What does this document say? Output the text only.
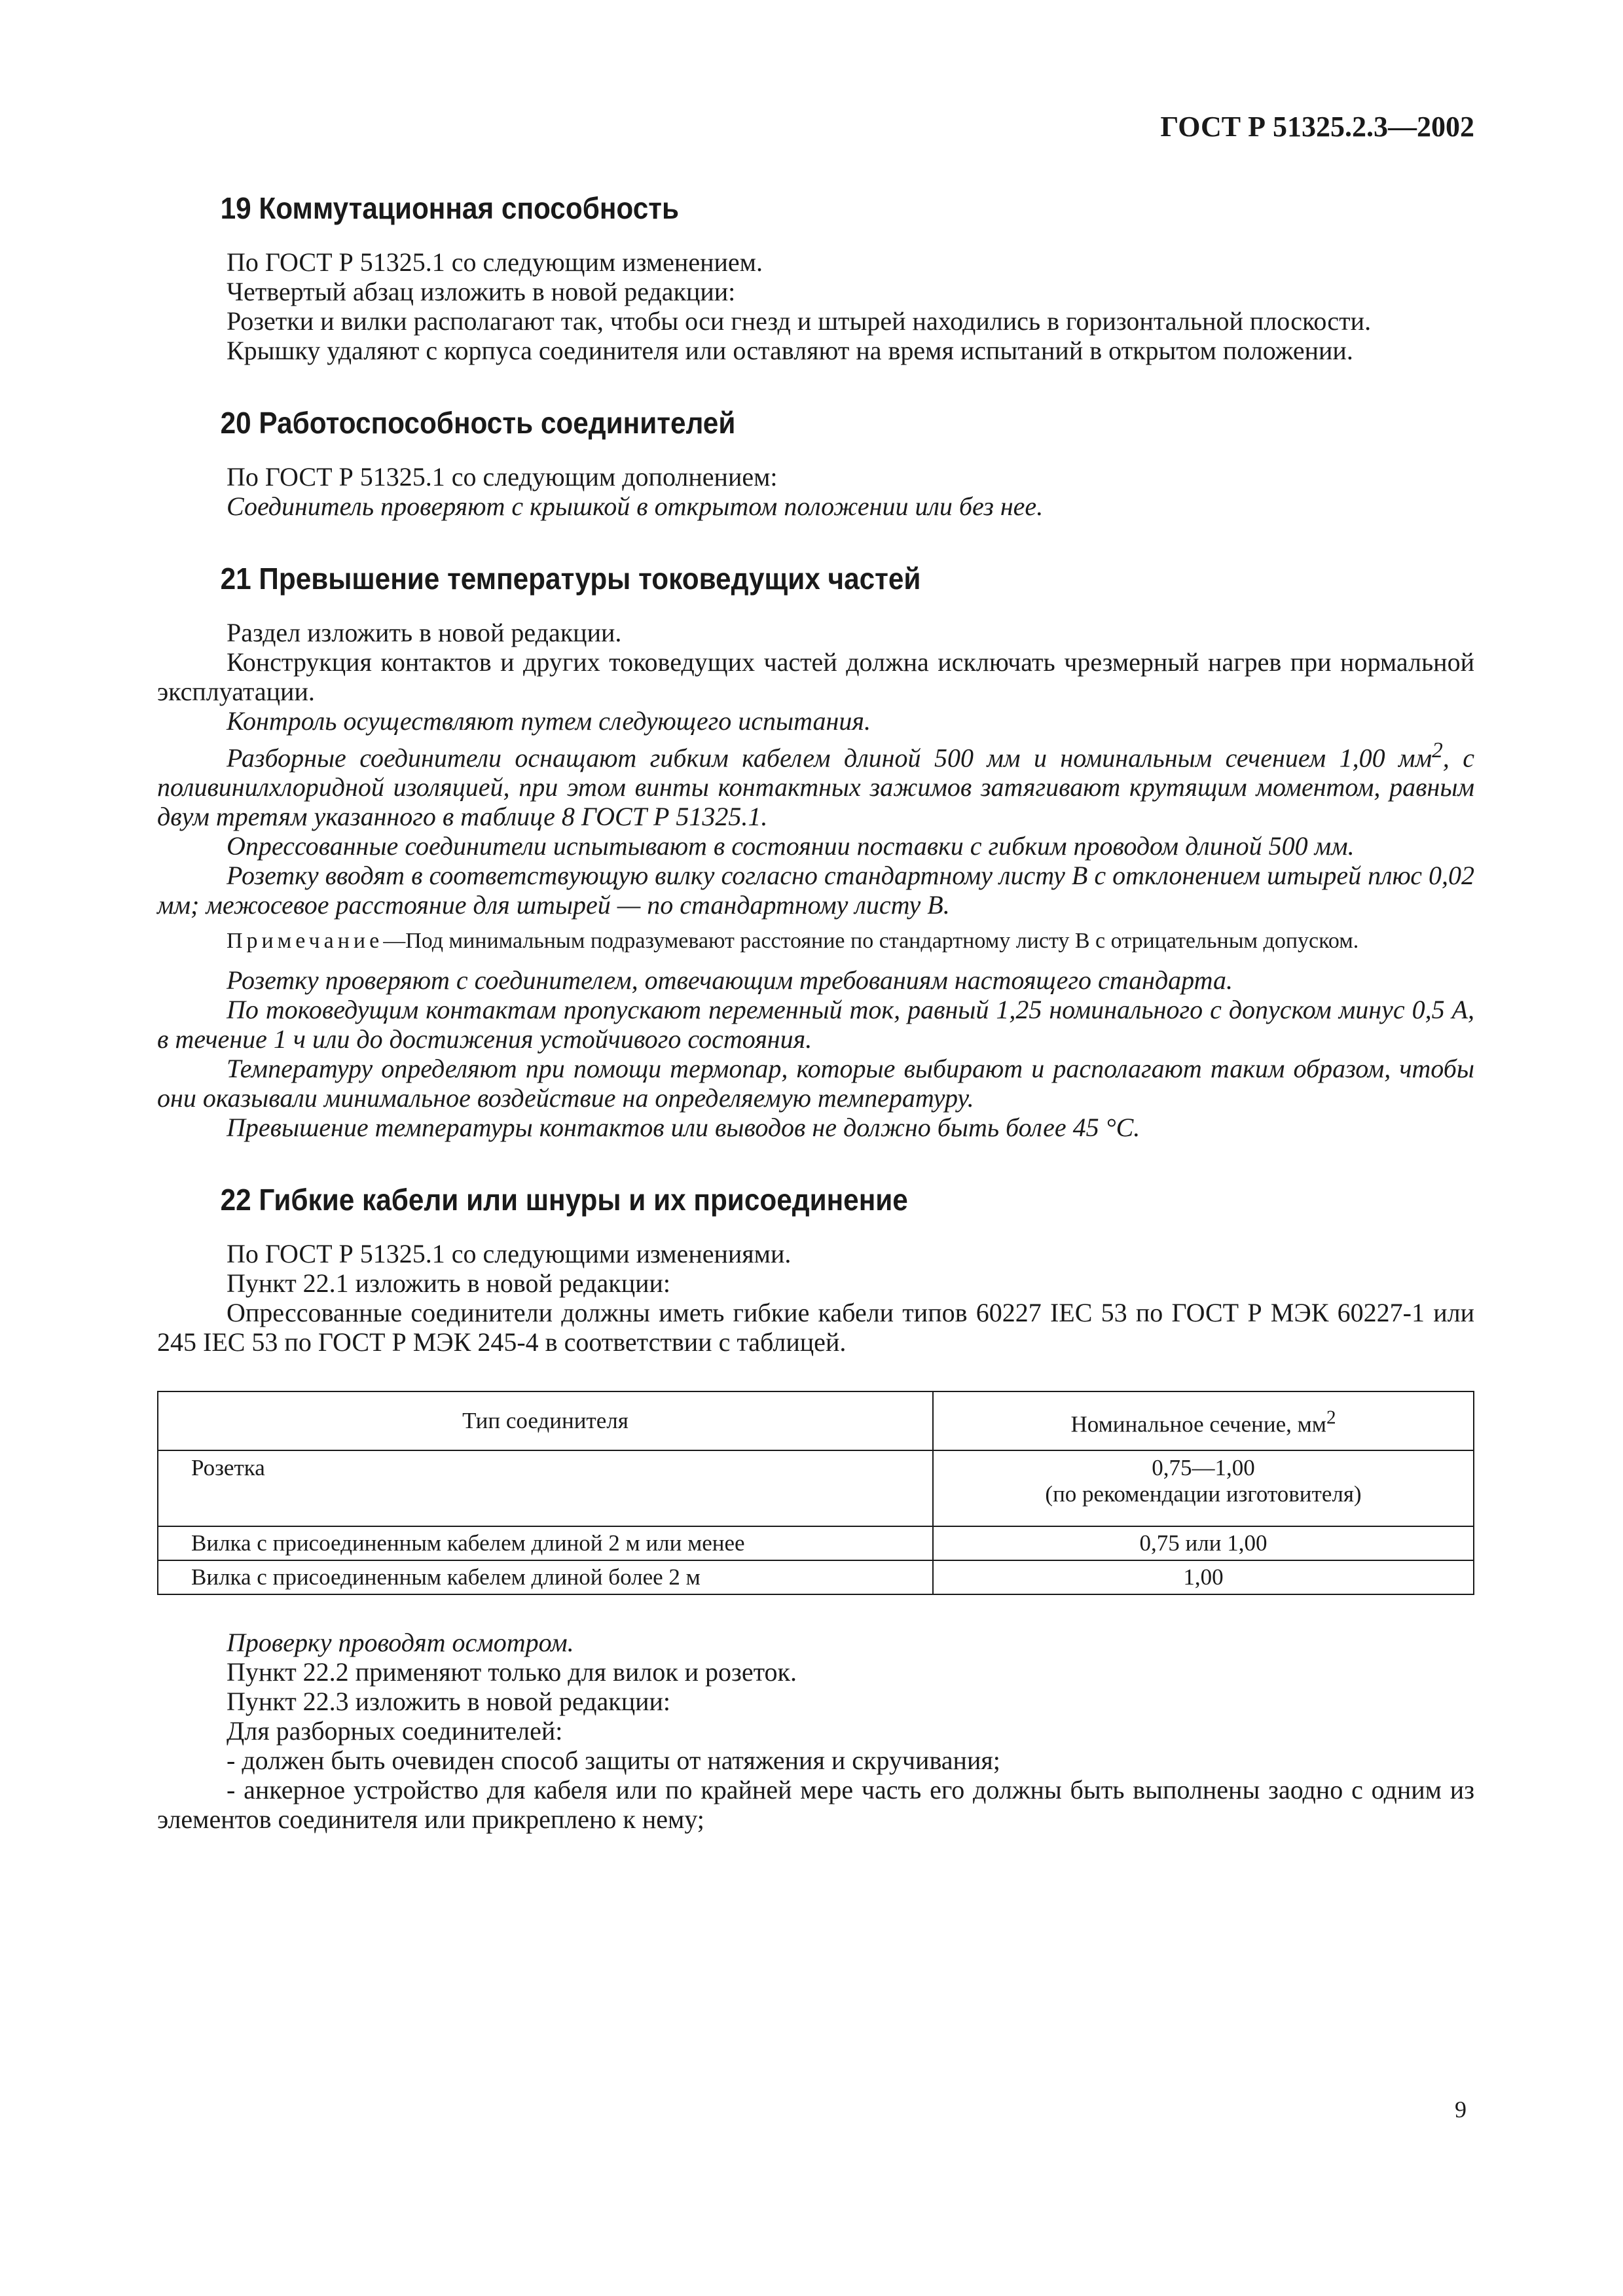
ГОСТ Р 51325.2.3—2002
19 Коммутационная способность

По ГОСТ Р 51325.1 со следующим изменением.

Четвертый абзац изложить в новой редакции:

Розетки и вилки располагают так, чтобы оси гнезд и штырей находились в горизонтальной плоскости.

Крышку удаляют с корпуса соединителя или оставляют на время испытаний в открытом положении.

20 Работоспособность соединителей

По ГОСТ Р 51325.1 со следующим дополнением:

Соединитель проверяют с крышкой в открытом положении или без нее.

21 Превышение температуры токоведущих частей

Раздел изложить в новой редакции.

Конструкция контактов и других токоведущих частей должна исключать чрезмерный нагрев при нормальной эксплуатации.

Контроль осуществляют путем следующего испытания.

Разборные соединители оснащают гибким кабелем длиной 500 мм и номинальным сечением 1,00 $мм^2$, с поливинилхлоридной изоляцией, при этом винты контактных зажимов затягивают крутящим моментом, равным двум третям указанного в таблице 8 ГОСТ Р 51325.1.

Опрессованные соединители испытывают в состоянии поставки с гибким проводом длиной 500 мм.

Розетку вводят в соответствующую вилку согласно стандартному листу В с отклонением штырей плюс 0,02 мм; межосевое расстояние для штырей — по стандартному листу В.

Примечание—Под минимальным подразумевают расстояние по стандартному листу В с отрицательным допуском.

Розетку проверяют с соединителем, отвечающим требованиям настоящего стандарта.

По токоведущим контактам пропускают переменный ток, равный 1,25 номинального с допуском минус 0,5 А, в течение 1 ч или до достижения устойчивого состояния.

Температуру определяют при помощи термопар, которые выбирают и располагают таким образом, чтобы они оказывали минимальное воздействие на определяемую температуру.

Превышение температуры контактов или выводов не должно быть более 45 °С.

22 Гибкие кабели или шнуры и их присоединение

По ГОСТ Р 51325.1 со следующими изменениями.

Пункт 22.1 изложить в новой редакции:

Опрессованные соединители должны иметь гибкие кабели типов 60227 IEC 53 по ГОСТ Р МЭК 60227-1 или 245 IEC 53 по ГОСТ Р МЭК 245-4 в соответствии с таблицей.

Тип соединителя	Номинальное сечение, $мм^2$
Розетка	0,75—1,00
(по рекомендации изготовителя)

Вилка с присоединенным кабелем длиной 2 м или менее	0,75 или 1,00
Вилка с присоединенным кабелем длиной более 2 м	1,00

Проверку проводят осмотром.

Пункт 22.2 применяют только для вилок и розеток.

Пункт 22.3 изложить в новой редакции:

Для разборных соединителей:

- должен быть очевиден способ защиты от натяжения и скручивания;

- анкерное устройство для кабеля или по крайней мере часть его должны быть выполнены заодно с одним из элементов соединителя или прикреплено к нему;

9
